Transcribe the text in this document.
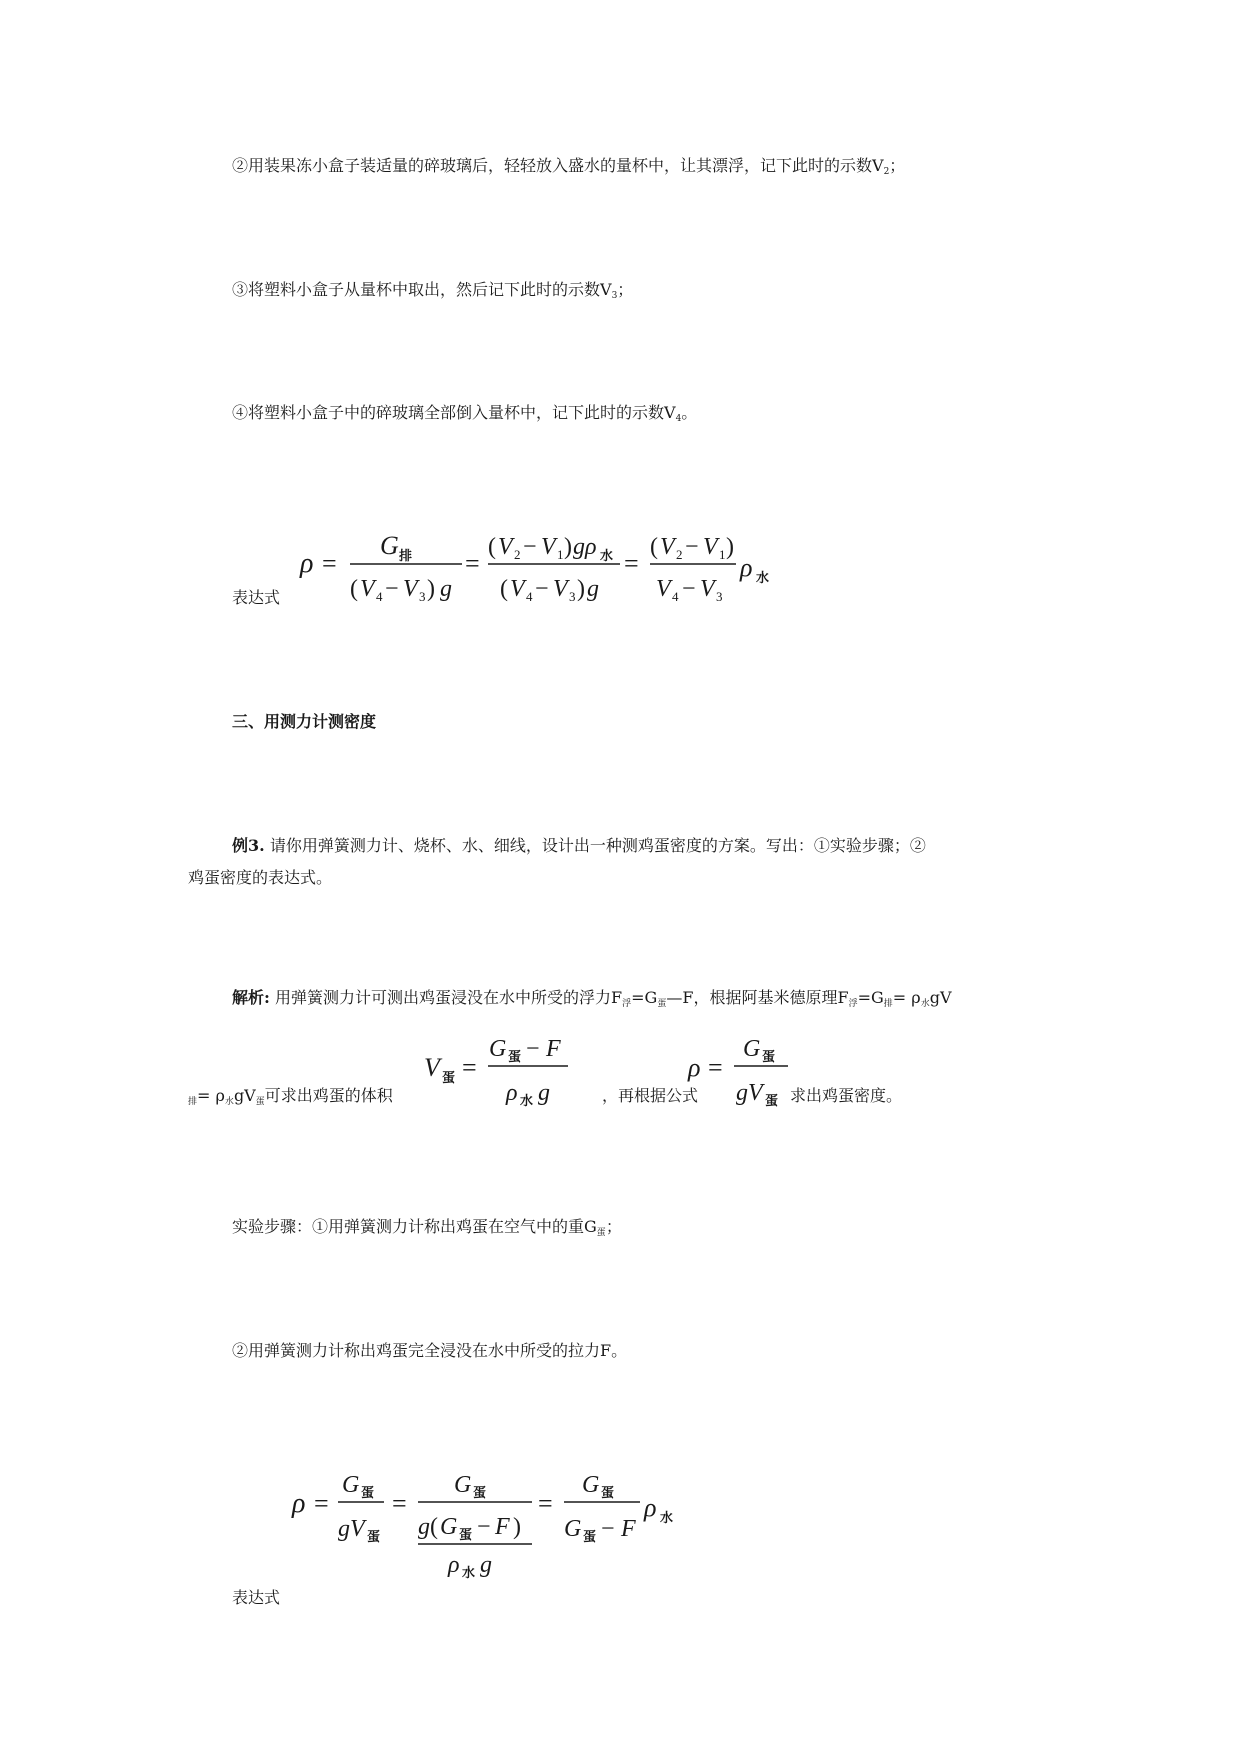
②用装果冻小盒子装适量的碎玻璃后，轻轻放入盛水的量杯中，让其漂浮，记下此时的示数V2；
③将塑料小盒子从量杯中取出，然后记下此时的示数V3；
④将塑料小盒子中的碎玻璃全部倒入量杯中，记下此时的示数V4。
表达式
ρ =
G 排
( V 4 − V 3 ) g
=
( V 2 − V 1 ) gρ 水
( V 4 − V 3 ) g
=
( V 2 − V 1 )
V 4 − V 3
ρ 水
三、用测力计测密度
例3. 请你用弹簧测力计、烧杯、水、细线，设计出一种测鸡蛋密度的方案。写出：①实验步骤；②
鸡蛋密度的表达式。
解析: 用弹簧测力计可测出鸡蛋浸没在水中所受的浮力F浮=G蛋—F，根据阿基米德原理F浮=G排= ρ水gV
排= ρ水gV蛋可求出鸡蛋的体积
V 蛋 =
G 蛋 − F
ρ 水 g	，再根据公式
ρ =
G 蛋
gV 蛋 求出鸡蛋密度。
实验步骤：①用弹簧测力计称出鸡蛋在空气中的重G蛋；
②用弹簧测力计称出鸡蛋完全浸没在水中所受的拉力F。
ρ =
G 蛋
gV 蛋
=
G 蛋
g ( G 蛋 − F )
ρ 水 g
=
G 蛋
G 蛋 − F
ρ 水
表达式
